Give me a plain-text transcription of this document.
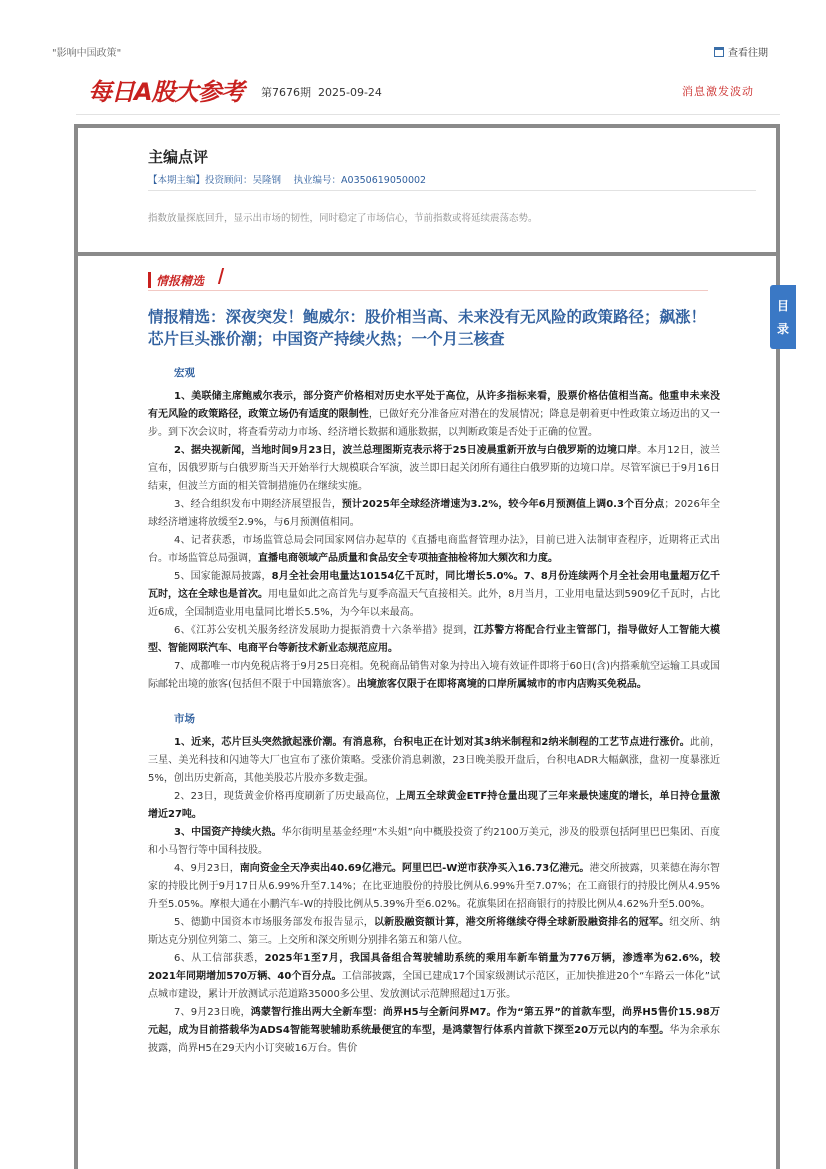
"影响中国政策"	查看往期
每日A股大参考 第7676期 2025-09-24	消息激发波动
主编点评
【本期主编】投资顾问：吴隆钢　 执业编号：A0350619050002
指数放量探底回升，显示出市场的韧性，同时稳定了市场信心，节前指数或将延续震荡态势。
情报精选
情报精选：深夜突发！鲍威尔：股价相当高、未来没有无风险的政策路径；飙涨！芯片巨头涨价潮；中国资产持续火热；一个月三核查
宏观

1、美联储主席鲍威尔表示，部分资产价格相对历史水平处于高位，从许多指标来看，股票价格估值相当高。他重申未来没有无风险的政策路径，政策立场仍有适度的限制性，已做好充分准备应对潜在的发展情况；降息是朝着更中性政策立场迈出的又一步。到下次会议时，将查看劳动力市场、经济增长数据和通胀数据，以判断政策是否处于正确的位置。

2、据央视新闻，当地时间9月23日，波兰总理图斯克表示将于25日凌晨重新开放与白俄罗斯的边境口岸。本月12日，波兰宣布，因俄罗斯与白俄罗斯当天开始举行大规模联合军演，波兰即日起关闭所有通往白俄罗斯的边境口岸。尽管军演已于9月16日结束，但波兰方面的相关管制措施仍在继续实施。

3、经合组织发布中期经济展望报告，预计2025年全球经济增速为3.2%，较今年6月预测值上调0.3个百分点；2026年全球经济增速将放缓至2.9%，与6月预测值相同。

4、记者获悉，市场监管总局会同国家网信办起草的《直播电商监督管理办法》，目前已进入法制审查程序，近期将正式出台。市场监管总局强调，直播电商领域产品质量和食品安全专项抽查抽检将加大频次和力度。

5、国家能源局披露，8月全社会用电量达10154亿千瓦时，同比增长5.0%。7、8月份连续两个月全社会用电量超万亿千瓦时，这在全球也是首次。用电量如此之高首先与夏季高温天气直接相关。此外，8月当月，工业用电量达到5909亿千瓦时，占比近6成，全国制造业用电量同比增长5.5%，为今年以来最高。

6、《江苏公安机关服务经济发展助力提振消费十六条举措》提到，江苏警方将配合行业主管部门，指导做好人工智能大模型、智能网联汽车、电商平台等新技术新业态规范应用。

7、成都唯一市内免税店将于9月25日亮相。免税商品销售对象为持出入境有效证件即将于60日(含)内搭乘航空运输工具或国际邮轮出境的旅客(包括但不限于中国籍旅客）。出境旅客仅限于在即将离境的口岸所属城市的市内店购买免税品。

市场

1、近来，芯片巨头突然掀起涨价潮。有消息称，台积电正在计划对其3纳米制程和2纳米制程的工艺节点进行涨价。此前，三星、美光科技和闪迪等大厂也宣布了涨价策略。受涨价消息刺激，23日晚美股开盘后，台积电ADR大幅飙涨，盘初一度暴涨近5%，创出历史新高，其他美股芯片股亦多数走强。

2、23日，现货黄金价格再度刷新了历史最高位，上周五全球黄金ETF持仓量出现了三年来最快速度的增长，单日持仓量激增近27吨。

3、中国资产持续火热。华尔街明星基金经理“木头姐”向中概股投资了约2100万美元，涉及的股票包括阿里巴巴集团、百度和小马智行等中国科技股。

4、9月23日，南向资金全天净卖出40.69亿港元。阿里巴巴-W逆市获净买入16.73亿港元。港交所披露，贝莱德在海尔智家的持股比例于9月17日从6.99%升至7.14%；在比亚迪股份的持股比例从6.99%升至7.07%；在工商银行的持股比例从4.95%升至5.05%。摩根大通在小鹏汽车-W的持股比例从5.39%升至6.02%。花旗集团在招商银行的持股比例从4.62%升至5.00%。

5、德勤中国资本市场服务部发布报告显示，以新股融资额计算，港交所将继续夺得全球新股融资排名的冠军。纽交所、纳斯达克分别位列第二、第三。上交所和深交所则分别排名第五和第八位。

6、从工信部获悉，2025年1至7月，我国具备组合驾驶辅助系统的乘用车新车销量为776万辆，渗透率为62.6%，较2021年同期增加570万辆、40个百分点。工信部披露，全国已建成17个国家级测试示范区，正加快推进20个“车路云一体化”试点城市建设，累计开放测试示范道路35000多公里、发放测试示范牌照超过1万张。

7、9月23日晚，鸿蒙智行推出两大全新车型：尚界H5与全新问界M7。作为“第五界”的首款车型，尚界H5售价15.98万元起，成为目前搭载华为ADS4智能驾驶辅助系统最便宜的车型，是鸿蒙智行体系内首款下探至20万元以内的车型。华为余承东披露，尚界H5在29天内小订突破16万台。售价

目
录
